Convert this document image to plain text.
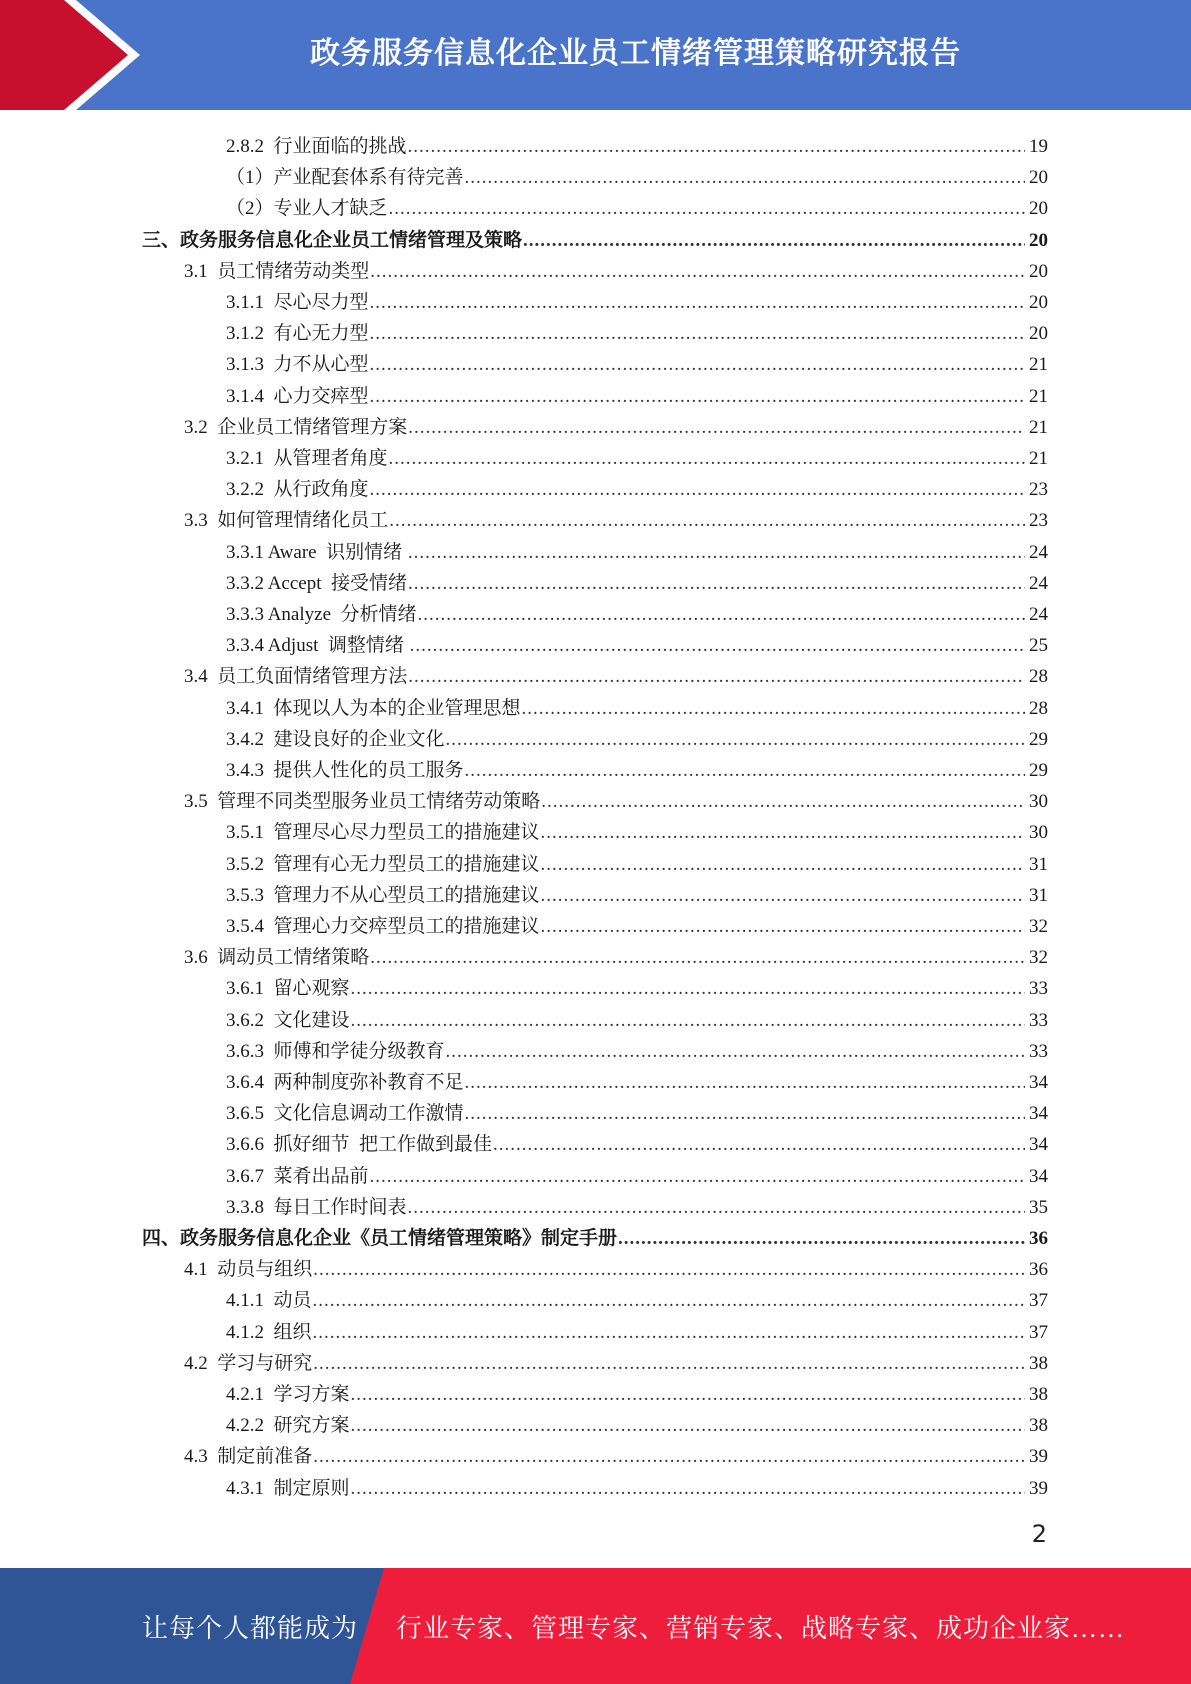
政务服务信息化企业员工情绪管理策略研究报告
2.8.2  行业面临的挑战 .....	19
（1）产业配套体系有待完善 .....	20
（2）专业人才缺乏 .....	20
三、政务服务信息化企业员工情绪管理及策略 .....	20
3.1  员工情绪劳动类型 .....	20
3.1.1  尽心尽力型 .....	20
3.1.2  有心无力型 .....	20
3.1.3  力不从心型 .....	21
3.1.4  心力交瘁型 .....	21
3.2  企业员工情绪管理方案 .....	21
3.2.1  从管理者角度 .....	21
3.2.2  从行政角度 .....	23
3.3  如何管理情绪化员工 .....	23
3.3.1 Aware  识别情绪 .....	24
3.3.2 Accept  接受情绪 .....	24
3.3.3 Analyze  分析情绪 .....	24
3.3.4 Adjust  调整情绪 .....	25
3.4  员工负面情绪管理方法 .....	28
3.4.1  体现以人为本的企业管理思想 .....	28
3.4.2  建设良好的企业文化 .....	29
3.4.3  提供人性化的员工服务 .....	29
3.5  管理不同类型服务业员工情绪劳动策略 .....	30
3.5.1  管理尽心尽力型员工的措施建议 .....	30
3.5.2  管理有心无力型员工的措施建议 .....	31
3.5.3  管理力不从心型员工的措施建议 .....	31
3.5.4  管理心力交瘁型员工的措施建议 .....	32
3.6  调动员工情绪策略 .....	32
3.6.1  留心观察 .....	33
3.6.2  文化建设 .....	33
3.6.3  师傅和学徒分级教育 .....	33
3.6.4  两种制度弥补教育不足 .....	34
3.6.5  文化信息调动工作激情 .....	34
3.6.6  抓好细节  把工作做到最佳 .....	34
3.6.7  菜肴出品前 .....	34
3.3.8  每日工作时间表 .....	35
四、政务服务信息化企业《员工情绪管理策略》制定手册 .....	36
4.1  动员与组织 .....	36
4.1.1  动员 .....	37
4.1.2  组织 .....	37
4.2  学习与研究 .....	38
4.2.1  学习方案 .....	38
4.2.2  研究方案 .....	38
4.3  制定前准备 .....	39
4.3.1  制定原则 .....	39
2
让每个人都能成为 行业专家、管理专家、营销专家、战略专家、成功企业家……
